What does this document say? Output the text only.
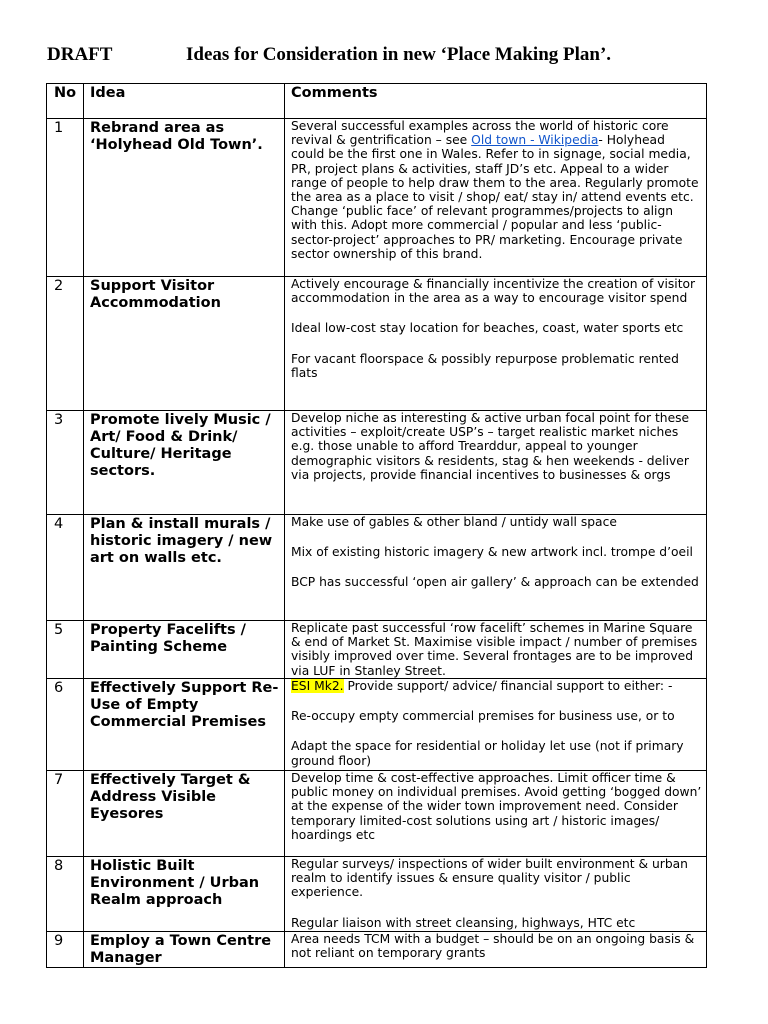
DRAFT	Ideas for Consideration in new ‘Place Making Plan’.
No	Idea	Comments
1	Rebrand area as ‘Holyhead Old Town’.	Several successful examples across the world of historic core revival & gentrification – see Old town - Wikipedia- Holyhead could be the first one in Wales. Refer to in signage, social media, PR, project plans & activities, staff JD’s etc. Appeal to a wider range of people to help draw them to the area. Regularly promote the area as a place to visit / shop/ eat/ stay in/ attend events etc. Change ‘public face’ of relevant programmes/projects to align with this. Adopt more commercial / popular and less ‘public-sector-project’ approaches to PR/ marketing. Encourage private sector ownership of this brand.

2	Support Visitor Accommodation	Actively encourage & financially incentivize the creation of visitor accommodation in the area as a way to encourage visitor spend

Ideal low-cost stay location for beaches, coast, water sports etc

For vacant floorspace & possibly repurpose problematic rented flats

3	Promote lively Music / Art/ Food & Drink/ Culture/ Heritage sectors.	Develop niche as interesting & active urban focal point for these activities – exploit/create USP’s – target realistic market niches e.g. those unable to afford Trearddur, appeal to younger demographic visitors & residents, stag & hen weekends - deliver via projects, provide financial incentives to businesses & orgs

4	Plan & install murals / historic imagery / new art on walls etc.	Make use of gables & other bland / untidy wall space

Mix of existing historic imagery & new artwork incl. trompe d’oeil

BCP has successful ‘open air gallery’ & approach can be extended

5	Property Facelifts / Painting Scheme	Replicate past successful ‘row facelift’ schemes in Marine Square & end of Market St. Maximise visible impact / number of premises visibly improved over time. Several frontages are to be improved via LUF in Stanley Street.

6	Effectively Support Re-Use of Empty Commercial Premises	ESI Mk2. Provide support/ advice/ financial support to either: -

Re-occupy empty commercial premises for business use, or to

Adapt the space for residential or holiday let use (not if primary ground floor)

7	Effectively Target & Address Visible Eyesores	Develop time & cost-effective approaches. Limit officer time & public money on individual premises. Avoid getting ‘bogged down’ at the expense of the wider town improvement need. Consider temporary limited-cost solutions using art / historic images/ hoardings etc

8	Holistic Built Environment / Urban Realm approach	Regular surveys/ inspections of wider built environment & urban realm to identify issues & ensure quality visitor / public experience.

Regular liaison with street cleansing, highways, HTC etc

9	Employ a Town Centre Manager	Area needs TCM with a budget – should be on an ongoing basis & not reliant on temporary grants
